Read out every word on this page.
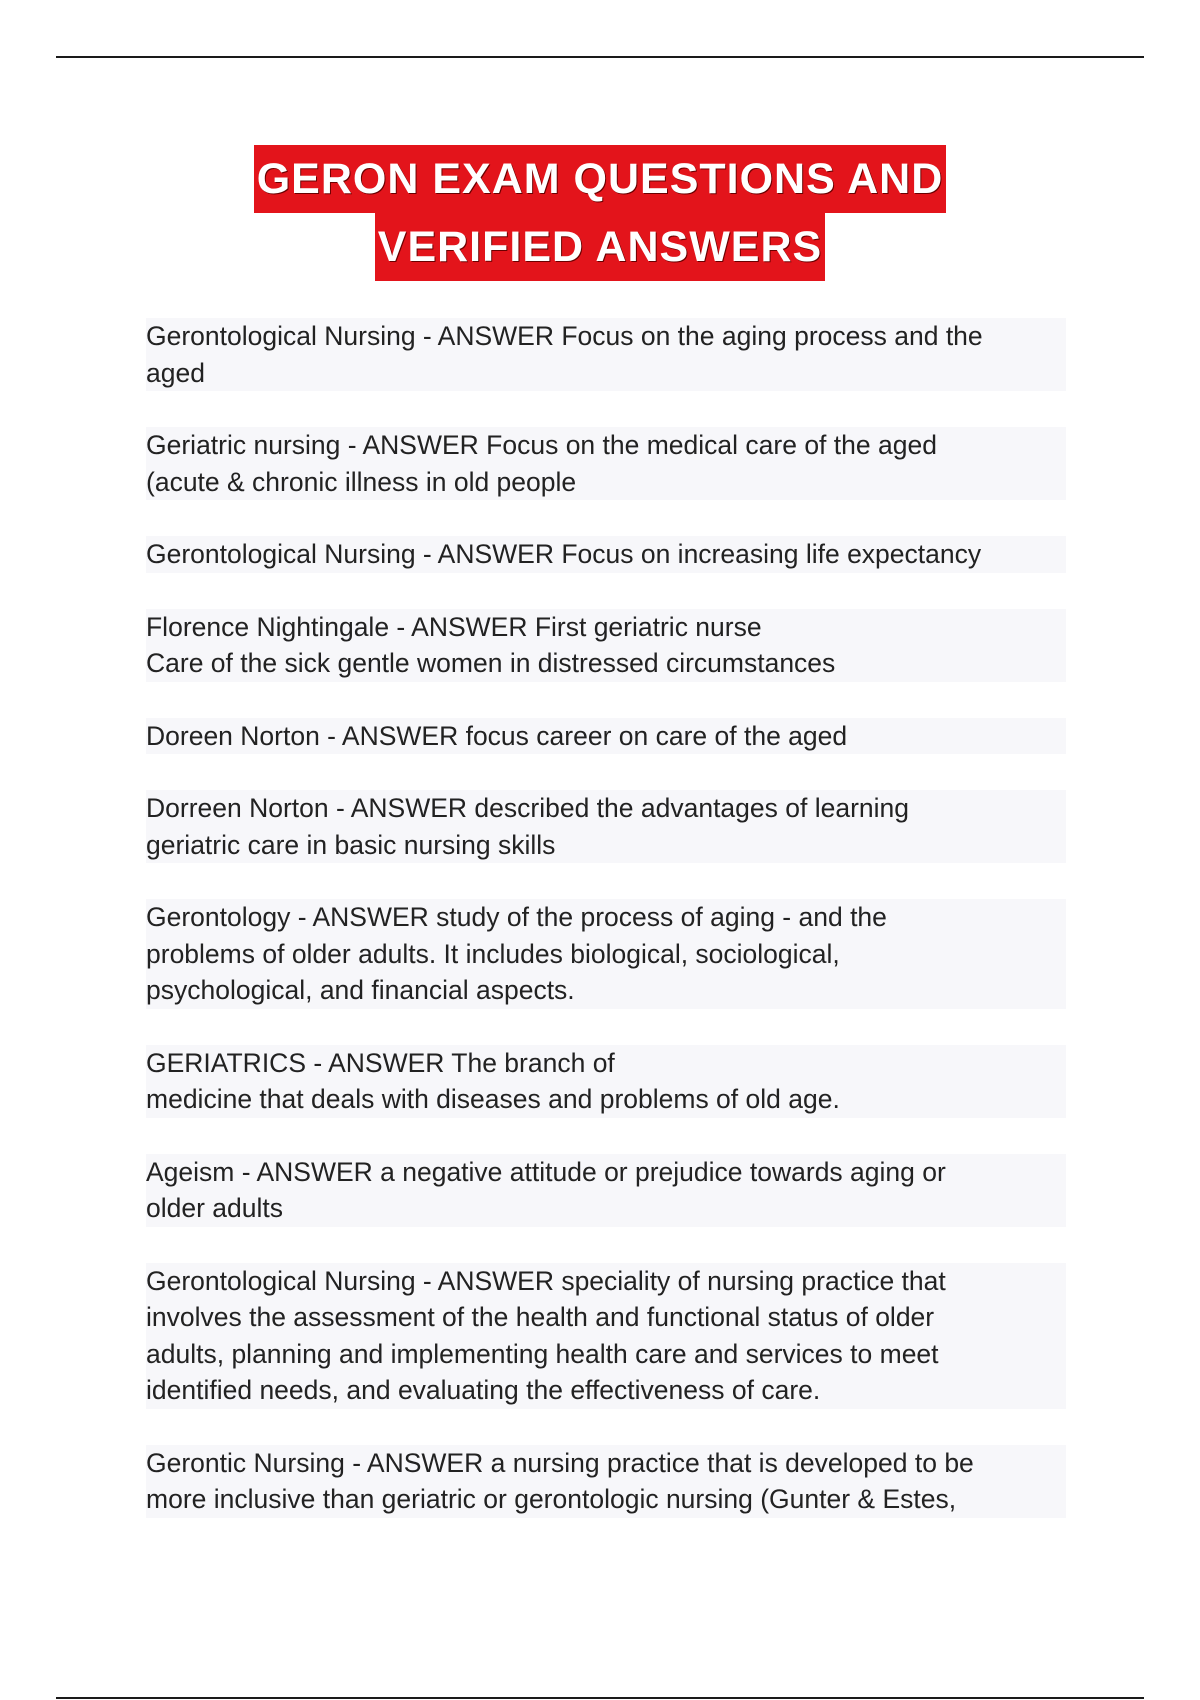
GERON EXAM QUESTIONS AND
VERIFIED ANSWERS
Gerontological Nursing - ANSWER Focus on the aging process and the
aged
Geriatric nursing - ANSWER Focus on the medical care of the aged
(acute & chronic illness in old people
Gerontological Nursing - ANSWER Focus on increasing life expectancy
Florence Nightingale - ANSWER First geriatric nurse
Care of the sick gentle women in distressed circumstances
Doreen Norton - ANSWER focus career on care of the aged
Dorreen Norton - ANSWER described the advantages of learning
geriatric care in basic nursing skills
Gerontology - ANSWER study of the process of aging - and the
problems of older adults. It includes biological, sociological,
psychological, and financial aspects.
GERIATRICS - ANSWER The branch of
medicine that deals with diseases and problems of old age.
Ageism - ANSWER a negative attitude or prejudice towards aging or
older adults
Gerontological Nursing - ANSWER speciality of nursing practice that
involves the assessment of the health and functional status of older
adults, planning and implementing health care and services to meet
identified needs, and evaluating the effectiveness of care.
Gerontic Nursing - ANSWER a nursing practice that is developed to be
more inclusive than geriatric or gerontologic nursing (Gunter & Estes,
